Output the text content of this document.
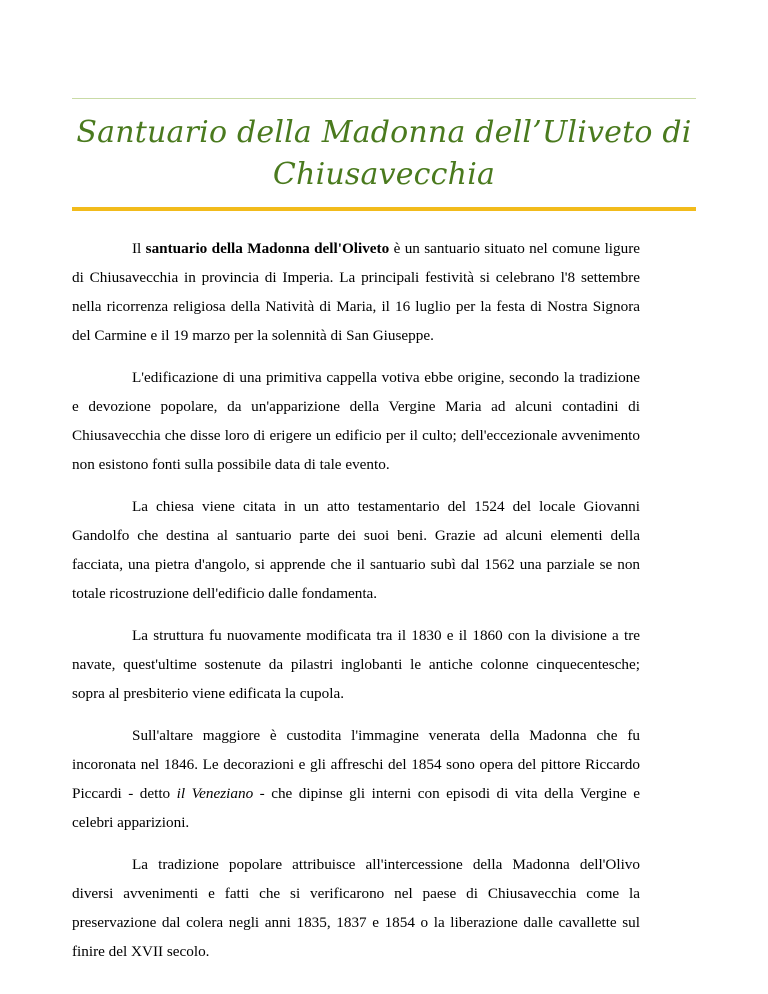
Santuario della Madonna dell’Uliveto di Chiusavecchia

Il santuario della Madonna dell'Oliveto è un santuario situato nel comune ligure di Chiusavecchia in provincia di Imperia. La principali festività si celebrano l'8 settembre nella ricorrenza religiosa della Natività di Maria, il 16 luglio per la festa di Nostra Signora del Carmine e il 19 marzo per la solennità di San Giuseppe.

L'edificazione di una primitiva cappella votiva ebbe origine, secondo la tradizione e devozione popolare, da un'apparizione della Vergine Maria ad alcuni contadini di Chiusavecchia che disse loro di erigere un edificio per il culto; dell'eccezionale avvenimento non esistono fonti sulla possibile data di tale evento.

La chiesa viene citata in un atto testamentario del 1524 del locale Giovanni Gandolfo che destina al santuario parte dei suoi beni. Grazie ad alcuni elementi della facciata, una pietra d'angolo, si apprende che il santuario subì dal 1562 una parziale se non totale ricostruzione dell'edificio dalle fondamenta.

La struttura fu nuovamente modificata tra il 1830 e il 1860 con la divisione a tre navate, quest'ultime sostenute da pilastri inglobanti le antiche colonne cinquecentesche; sopra al presbiterio viene edificata la cupola.

Sull'altare maggiore è custodita l'immagine venerata della Madonna che fu incoronata nel 1846. Le decorazioni e gli affreschi del 1854 sono opera del pittore Riccardo Piccardi - detto il Veneziano - che dipinse gli interni con episodi di vita della Vergine e celebri apparizioni.

La tradizione popolare attribuisce all'intercessione della Madonna dell'Olivo diversi avvenimenti e fatti che si verificarono nel paese di Chiusavecchia come la preservazione dal colera negli anni 1835, 1837 e 1854 o la liberazione dalle cavallette sul finire del XVII secolo.
